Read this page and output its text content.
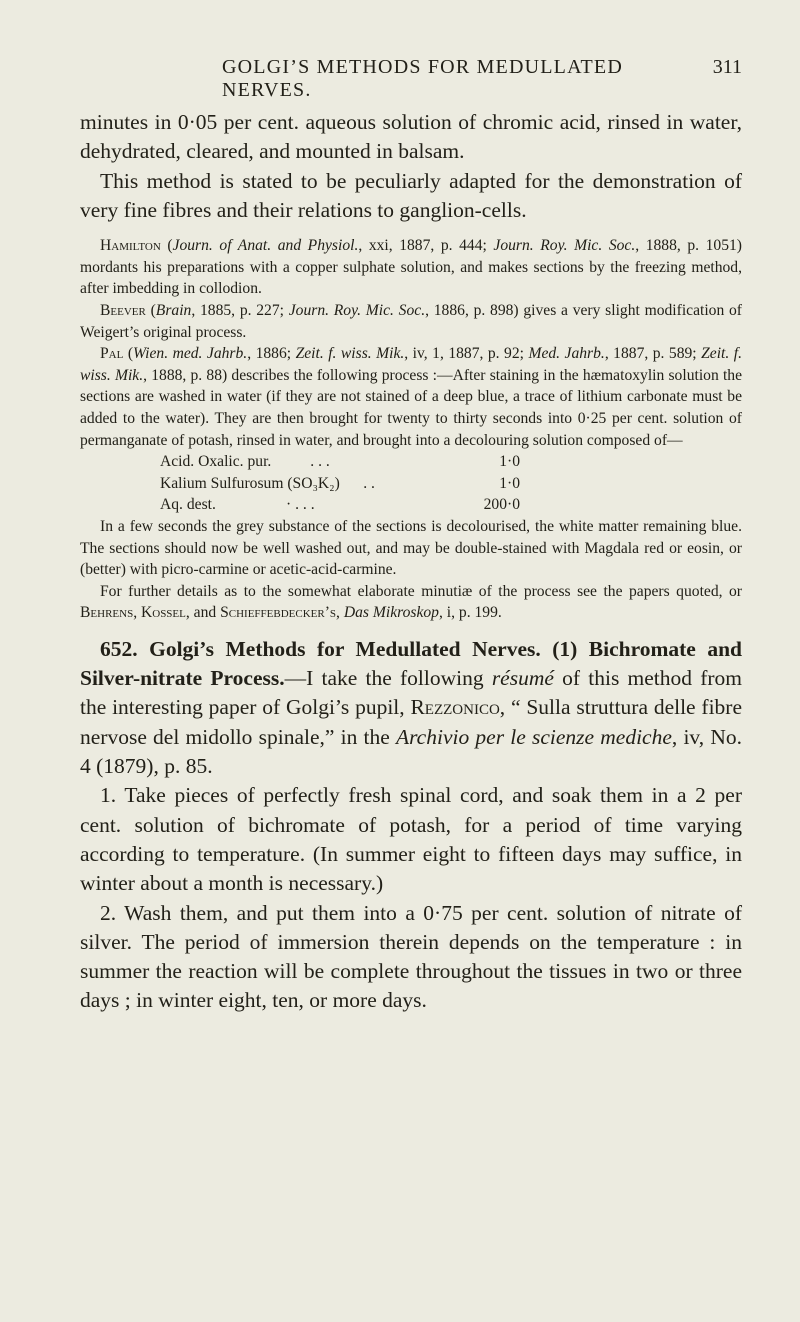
GOLGI’S METHODS FOR MEDULLATED NERVES.
311

minutes in 0·05 per cent. aqueous solution of chromic acid, rinsed in water, dehydrated, cleared, and mounted in balsam.
This method is stated to be peculiarly adapted for the demonstration of very fine fibres and their relations to ganglion-cells.

Hamilton (Journ. of Anat. and Physiol., xxi, 1887, p. 444; Journ. Roy. Mic. Soc., 1888, p. 1051) mordants his preparations with a copper sulphate solution, and makes sections by the freezing method, after imbedding in collodion.

Beever (Brain, 1885, p. 227; Journ. Roy. Mic. Soc., 1886, p. 898) gives a very slight modification of Weigert’s original process.

Pal (Wien. med. Jahrb., 1886; Zeit. f. wiss. Mik., iv, 1, 1887, p. 92; Med. Jahrb., 1887, p. 589; Zeit. f. wiss. Mik., 1888, p. 88) describes the following process :—After staining in the hæmatoxylin solution the sections are washed in water (if they are not stained of a deep blue, a trace of lithium carbonate must be added to the water). They are then brought for twenty to thirty seconds into 0·25 per cent. solution of permanganate of potash, rinsed in water, and brought into a decolouring solution composed of—

Acid. Oxalic. pur. . . .	1·0
Kalium Sulfurosum (SO₃K₂) . .	1·0
Aq. dest.	· . . .	200·0

In a few seconds the grey substance of the sections is decolourised, the white matter remaining blue. The sections should now be well washed out, and may be double-stained with Magdala red or eosin, or (better) with picro-carmine or acetic-acid-carmine.

For further details as to the somewhat elaborate minutiæ of the process see the papers quoted, or Behrens, Kossel, and Schieffebdecker’s, Das Mikroskop, i, p. 199.

652. Golgi’s Methods for Medullated Nerves. (1) Bichromate and Silver-nitrate Process.—I take the following résumé of this method from the interesting paper of Golgi’s pupil, Rezzonico, “ Sulla struttura delle fibre nervose del midollo spinale,” in the Archivio per le scienze mediche, iv, No. 4 (1879), p. 85.

1. Take pieces of perfectly fresh spinal cord, and soak them in a 2 per cent. solution of bichromate of potash, for a period of time varying according to temperature. (In summer eight to fifteen days may suffice, in winter about a month is necessary.)

2. Wash them, and put them into a 0·75 per cent. solution of nitrate of silver. The period of immersion therein depends on the temperature : in summer the reaction will be complete throughout the tissues in two or three days ; in winter eight, ten, or more days.
